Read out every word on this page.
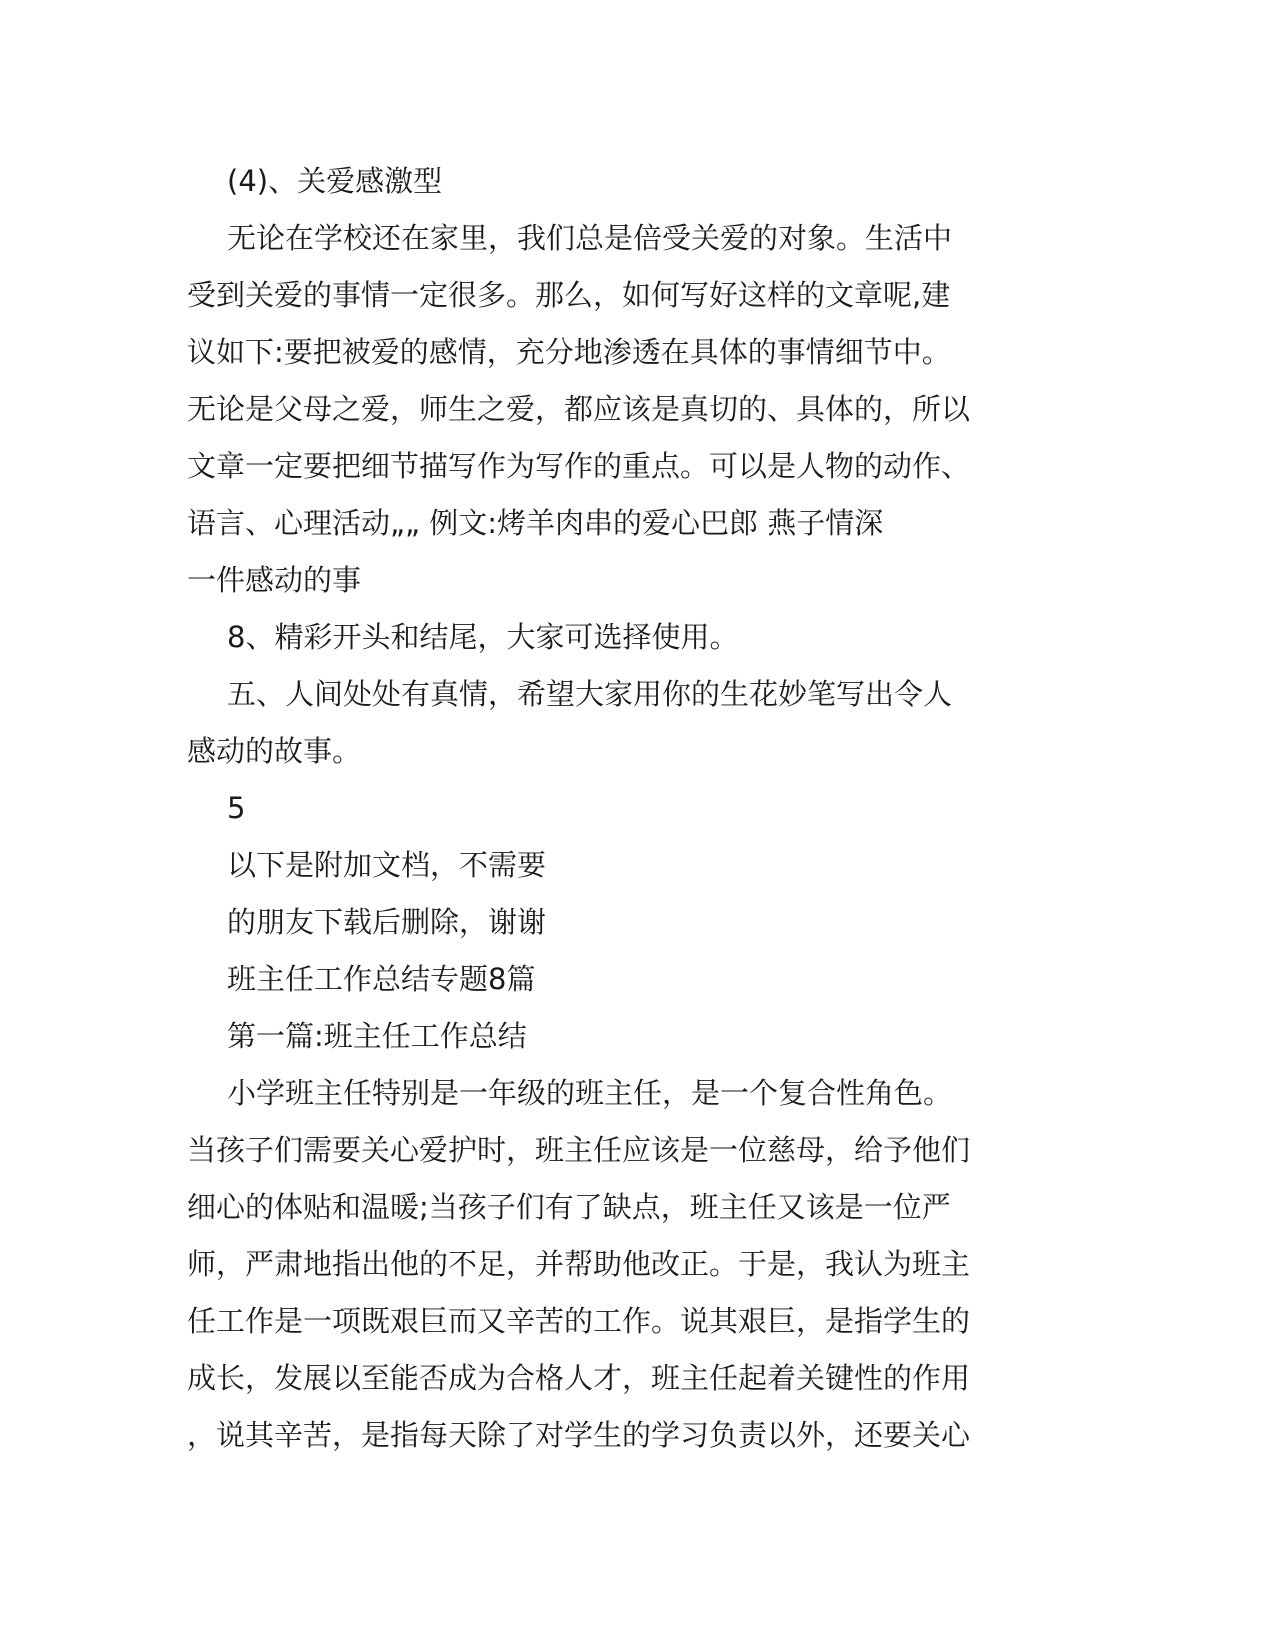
(4)、关爱感激型
无论在学校还在家里，我们总是倍受关爱的对象。生活中
受到关爱的事情一定很多。那么，如何写好这样的文章呢,建
议如下:要把被爱的感情，充分地渗透在具体的事情细节中。
无论是父母之爱，师生之爱，都应该是真切的、具体的，所以
文章一定要把细节描写作为写作的重点。可以是人物的动作、
语言、心理活动„„ 例文:烤羊肉串的爱心巴郎 燕子情深
一件感动的事
8、精彩开头和结尾，大家可选择使用。
五、人间处处有真情，希望大家用你的生花妙笔写出令人
感动的故事。
5
以下是附加文档，不需要
的朋友下载后删除，谢谢
班主任工作总结专题8篇
第一篇:班主任工作总结
小学班主任特别是一年级的班主任，是一个复合性角色。
当孩子们需要关心爱护时，班主任应该是一位慈母，给予他们
细心的体贴和温暖;当孩子们有了缺点，班主任又该是一位严
师，严肃地指出他的不足，并帮助他改正。于是，我认为班主
任工作是一项既艰巨而又辛苦的工作。说其艰巨，是指学生的
成长，发展以至能否成为合格人才，班主任起着关键性的作用
，说其辛苦，是指每天除了对学生的学习负责以外，还要关心
